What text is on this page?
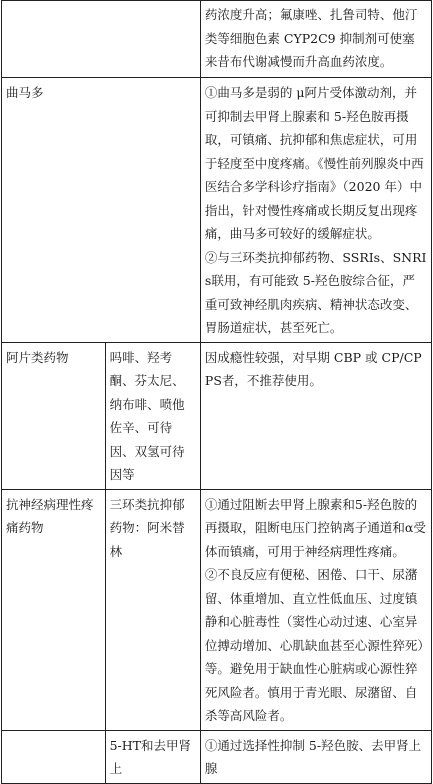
		药浓度升高；氟康唑、扎鲁司特、他汀类等细胞色素 CYP2C9 抑制剂可使塞来昔布代谢减慢而升高血药浓度。
曲马多		①曲马多是弱的 μ阿片受体激动剂，并可抑制去甲肾上腺素和 5-羟色胺再摄取，可镇痛、抗抑郁和焦虑症状，可用于轻度至中度疼痛。《慢性前列腺炎中西医结合多学科诊疗指南》（2020 年）中指出，针对慢性疼痛或长期反复出现疼痛，曲马多可较好的缓解症状。

②与三环类抗抑郁药物、SSRIs、SNRIs联用，有可能致 5-羟色胺综合征，严重可致神经肌肉疾病、精神状态改变、胃肠道症状，甚至死亡。

阿片类药物	吗啡、羟考酮、芬太尼、纳布啡、喷他佐辛、可待因、双氢可待因等	因成瘾性较强，对早期 CBP 或 CP/CPPS者，不推荐使用。
抗神经病理性疼痛药物	三环类抗抑郁药物：阿米替林	①通过阻断去甲肾上腺素和5-羟色胺的再摄取，阻断电压门控钠离子通道和α受体而镇痛，可用于神经病理性疼痛。

②不良反应有便秘、困倦、口干、尿潴留、体重增加、直立性低血压、过度镇静和心脏毒性（窦性心动过速、心室异位搏动增加、心肌缺血甚至心源性猝死）等。避免用于缺血性心脏病或心源性猝死风险者。慎用于青光眼、尿潴留、自杀等高风险者。

	5-HT和去甲肾上	①通过选择性抑制 5-羟色胺、去甲肾上腺
